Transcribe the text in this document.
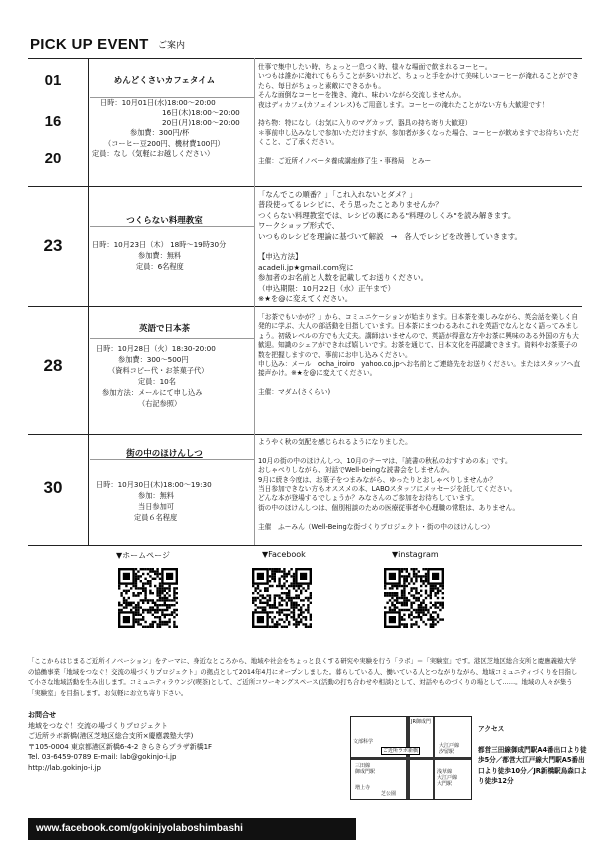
PICK UP EVENT ご案内
01
16
20
めんどくさいカフェタイム
日時：10月01日(水)18:00～20:00
16日(木)18:00～20:00
20日(月)18:00～20:00
参加費：300円/杯
（コーヒー豆200円、機材費100円）
定員：なし（気軽にお越しください）
仕事で集中したい時、ちょっと一息つく時、様々な場面で飲まれるコーヒー。
いつもは誰かに淹れてもらうことが多いけれど、ちょっと手をかけて美味しいコーヒーが淹れることができたら、毎日がちょっと素敵にできるかも。
そんな面倒なコーヒーを挽き、淹れ、味わいながら交流しませんか。
夜はディカフェ(カフェインレス)もご用意します。コーヒーの淹れたことがない方も大歓迎です！

持ち物：特になし（お気に入りのマグカップ、器具の持ち寄り大歓迎）
＊事前申し込みなしで参加いただけますが、参加者が多くなった場合、コーヒーが飲めますでお待ちいただくこと、ご了承ください。

主催：ご近所イノベータ養成講座修了生・事務局　とみー
23
つくらない料理教室
日時：10月23日（木） 18時～19時30分
参加費：無料
定員：6名程度
「なんでこの順番？」「これ入れないとダメ？」
普段使ってるレシピに、そう思ったことありませんか？
つくらない料理教室では、レシピの裏にある"料理のしくみ"を読み解きます。
ワークショップ形式で、
いつものレシピを理論に基づいて解説　→　各人でレシピを改善していきます。

【申込方法】
acadeli.jp★gmail.com宛に
参加者のお名前と人数を記載してお送りください。
（申込期限：10月22日（水）正午まで）
※★を@に変えてください。
28
英語で日本茶
日時：10月28日（火）18:30-20:00
参加費：300～500円
（資料コピー代・お茶菓子代）
定員：10名
参加方法：メールにて申し込み
（右記参照）
「お茶でもいかが？」から、コミュニケーションが始まります。日本茶を楽しみながら、英会話を楽しく自発的に学ぶ、大人の部活動を目指しています。日本茶にまつわるあれこれを英語でなんとなく語ってみましょう。初級レベルの方でも大丈夫。講師はいませんので、英語が得意な方やお茶に興味のある外国の方も大歓迎。知識のシェアができれば嬉しいです。お茶を通じて、日本文化を再認識できます。資料やお茶菓子の数を把握しますので、事前にお申し込みください。
申し込み：メール　ocha_iroiro　yahoo.co.jpへお名前とご連絡先をお送りください。またはスタッフへ直接声かけ。※★を@に変えてください。

主催：マダム(さくらい)
30
街の中のほけんしつ
日時：10月30日(木)18:00～19:30
参加：無料
当日参加可
定員６名程度
ようやく秋の気配を感じられるようになりました。

10月の街の中のほけんしつ、10月のテーマは、「読書の秋私のおすすめの本」です。
おしゃべりしながら、対話でWell-beingな読書会をしませんか。
9月に続き今度は、お菓子をつまみながら、ゆったりとおしゃべりしませんか？
当日参加できない方もオススメの本、LABOスタッフにメッセージを託してください。
どんな本が登場するでしょうか？みなさんのご参加をお待ちしています。
街の中のほけんしつは、個別相談のための医療従事者や心理職の常駐は、ありません。

主催　ふーみん（Well-Beingな街づくりプロジェクト・街の中のほけんしつ）
▼ホームページ	▼Facebook	▼instagram
「ここからはじまるご近所イノベーション」をテーマに、身近なところから、地域や社会をちょっと良くする研究や実験を行う「ラボ」＝「実験室」です。港区芝地区総合支所と慶應義塾大学の協働事業「地域をつなぐ！交流の場づくりプロジェクト」の拠点として2014年4月にオープンしました。暮らしている人、働いている人とつながりながら、地域コミュニティづくりを目指して小さな地域活動を生み出します。コミュニティラウンジ(喫茶)として、ご近所コワーキングスペース(活動の打ち合わせや相談)として、対話やものづくりの場として……。地域の人々が集う「実験室」を目指します。お気軽にお立ち寄り下さい。
お問合せ
地域をつなぐ！交流の場づくりプロジェクト
ご近所ラボ新橋(港区芝地区総合支所×慶應義塾大学)
〒105-0004 東京都港区新橋6-4-2 きらきらプラザ新橋1F
Tel. 03-6459-0789 E-mail: lab@gokinjo-i.jp
http://lab.gokinjo-i.jp
JR御成門
文部科学
ご近所ラボ新橋
大江戸線
汐留駅
三田線
御成門駅	浅草線
大江戸線
大門駅
増上寺
芝公園

アクセス

都営三田線御成門駅A4番出口より徒歩5分／都営大江戸線大門駅A5番出口より徒歩10分／JR新橋駅烏森口より徒歩12分

www.facebook.com/gokinjyolaboshimbashi
